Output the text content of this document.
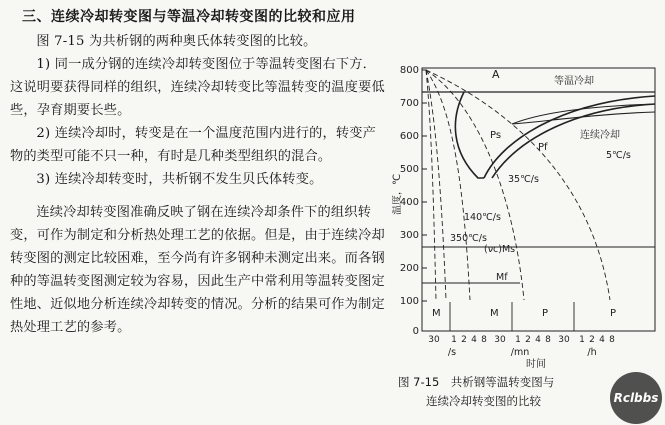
三、连续冷却转变图与等温冷却转变图的比较和应用

图 7-15 为共析钢的两种奥氏体转变图的比较。

1) 同一成分钢的连续冷却转变图位于等温转变图右下方．这说明要获得同样的组织，连续冷却转变比等温转变的温度要低些，孕育期要长些。

2) 连续冷却时，转变是在一个温度范围内进行的，转变产物的类型可能不只一种，有时是几种类型组织的混合。

3) 连续冷却转变时，共析钢不发生贝氏体转变。

连续冷却转变图准确反映了钢在连续冷却条件下的组织转变，可作为制定和分析热处理工艺的依据。但是，由于连续冷却转变图的测定比较困难，至今尚有许多钢种未测定出来。而各钢种的等温转变图测定较为容易，因此生产中常利用等温转变图定性地、近似地分析连续冷却转变的情况。分析的结果可作为制定热处理工艺的参考。

800
700
600
500
400
300
200
100
0
温度，℃
A
等温冷却
连续冷却
Ps
Pf
5℃/s
35℃/s
140℃/s
350℃/s
(νc)Ms
Mf
M	M	P	P
30 1 2 4 8 30 1 2 4 8 30 1 2 4 8
/s	/mn	/h
时间
图 7-15　共析钢等温转变图与
连续冷却转变图的比较	Rclbbs
